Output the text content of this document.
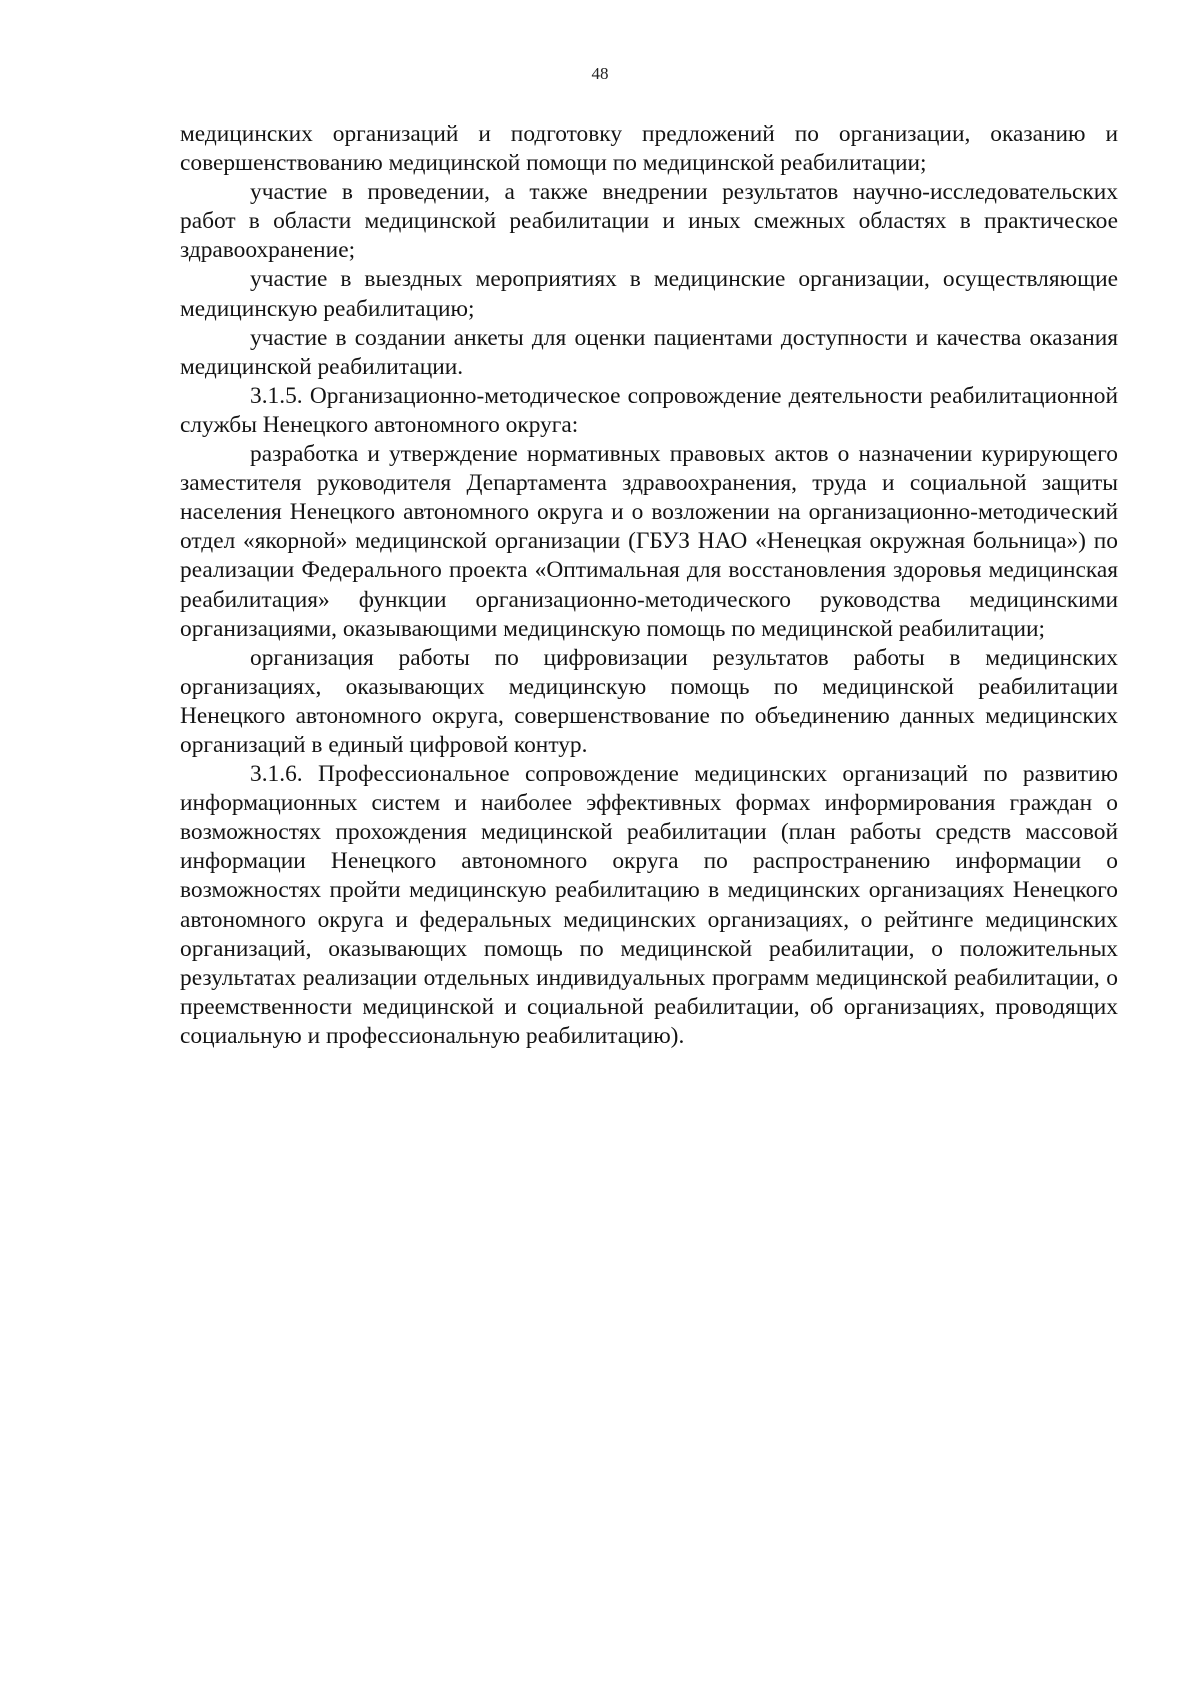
48

медицинских организаций и подготовку предложений по организации, оказанию и совершенствованию медицинской помощи по медицинской реабилитации;

участие в проведении, а также внедрении результатов научно-исследовательских работ в области медицинской реабилитации и иных смежных областях в практическое здравоохранение;

участие в выездных мероприятиях в медицинские организации, осуществляющие медицинскую реабилитацию;

участие в создании анкеты для оценки пациентами доступности и качества оказания медицинской реабилитации.

3.1.5. Организационно-методическое сопровождение деятельности реабилитационной службы Ненецкого автономного округа:

разработка и утверждение нормативных правовых актов о назначении курирующего заместителя руководителя Департамента здравоохранения, труда и социальной защиты населения Ненецкого автономного округа и о возложении на организационно-методический отдел «якорной» медицинской организации (ГБУЗ НАО «Ненецкая окружная больница») по реализации Федерального проекта «Оптимальная для восстановления здоровья медицинская реабилитация» функции организационно-методического руководства медицинскими организациями, оказывающими медицинскую помощь по медицинской реабилитации;

организация работы по цифровизации результатов работы в медицинских организациях, оказывающих медицинскую помощь по медицинской реабилитации Ненецкого автономного округа, совершенствование по объединению данных медицинских организаций в единый цифровой контур.

3.1.6. Профессиональное сопровождение медицинских организаций по развитию информационных систем и наиболее эффективных формах информирования граждан о возможностях прохождения медицинской реабилитации (план работы средств массовой информации Ненецкого автономного округа по распространению информации о возможностях пройти медицинскую реабилитацию в медицинских организациях Ненецкого автономного округа и федеральных медицинских организациях, о рейтинге медицинских организаций, оказывающих помощь по медицинской реабилитации, о положительных результатах реализации отдельных индивидуальных программ медицинской реабилитации, о преемственности медицинской и социальной реабилитации, об организациях, проводящих социальную и профессиональную реабилитацию).
